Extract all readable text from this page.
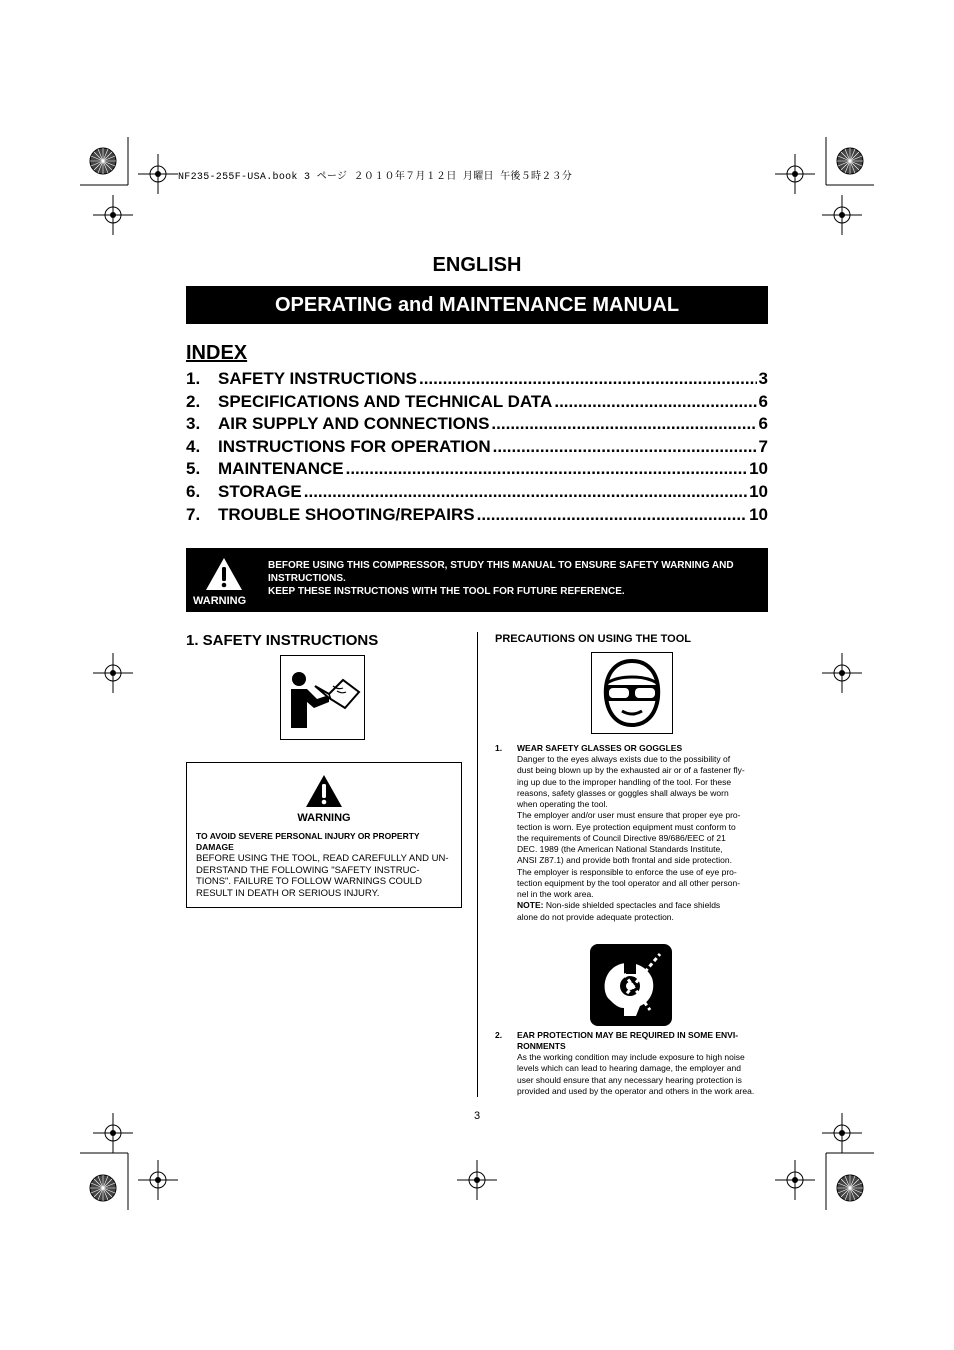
NF235-255F-USA.book 3 ページ ２０１０年７月１２日 月曜日 午後５時２３分
ENGLISH
OPERATING and MAINTENANCE MANUAL
INDEX
1.	SAFETY INSTRUCTIONS .....	3
2.	SPECIFICATIONS AND TECHNICAL DATA .....	6
3.	AIR SUPPLY AND CONNECTIONS .....	6
4.	INSTRUCTIONS FOR OPERATION .....	7
5.	MAINTENANCE .....	10
6.	STORAGE .....	10
7.	TROUBLE SHOOTING/REPAIRS .....	10
WARNING
BEFORE USING THIS COMPRESSOR, STUDY THIS MANUAL TO ENSURE SAFETY WARNING AND INSTRUCTIONS.
KEEP THESE INSTRUCTIONS WITH THE TOOL FOR FUTURE REFERENCE.
1. SAFETY INSTRUCTIONS
WARNING
TO AVOID SEVERE PERSONAL INJURY OR PROPERTY
DAMAGE
BEFORE USING THE TOOL, READ CAREFULLY AND UN-
DERSTAND THE FOLLOWING "SAFETY INSTRUC-
TIONS". FAILURE TO FOLLOW WARNINGS COULD
RESULT IN DEATH OR SERIOUS INJURY.
PRECAUTIONS ON USING THE TOOL
1. WEAR SAFETY GLASSES OR GOGGLES
Danger to the eyes always exists due to the possibility of
dust being blown up by the exhausted air or of a fastener fly-
ing up due to the improper handling of the tool. For these
reasons, safety glasses or goggles shall always be worn
when operating the tool.
The employer and/or user must ensure that proper eye pro-
tection is worn. Eye protection equipment must conform to
the requirements of Council Directive 89/686/EEC of 21
DEC. 1989 (the American National Standards Institute,
ANSI Z87.1) and provide both frontal and side protection.
The employer is responsible to enforce the use of eye pro-
tection equipment by the tool operator and all other person-
nel in the work area.
NOTE: Non-side shielded spectacles and face shields
alone do not provide adequate protection.
2. EAR PROTECTION MAY BE REQUIRED IN SOME ENVI-
RONMENTS
As the working condition may include exposure to high noise
levels which can lead to hearing damage, the employer and
user should ensure that any necessary hearing protection is
provided and used by the operator and others in the work area.
3
